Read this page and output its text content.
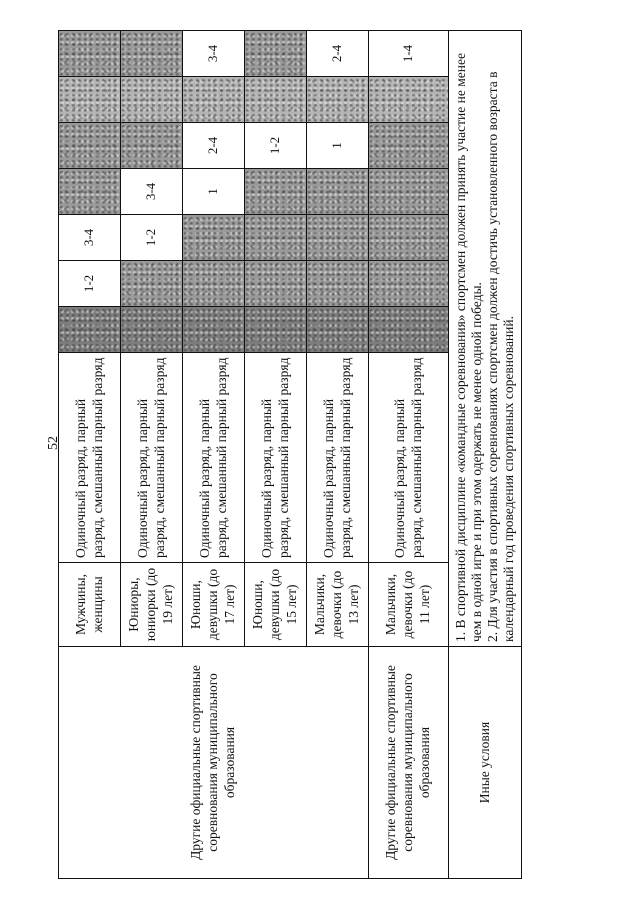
52
Другие официальные спортивные соревнования муниципального образования	Мужчины, женщины	Одиночный разряд, парный разряд, смешанный парный разряд		1-2	3-4				
	Юниоры, юниорки (до 19 лет)	Одиночный разряд, парный разряд, смешанный парный разряд			1-2	3-4			
	Юноши, девушки (до 17 лет)	Одиночный разряд, парный разряд, смешанный парный разряд				1	2-4		3-4
	Юноши, девушки (до 15 лет)	Одиночный разряд, парный разряд, смешанный парный разряд					1-2		
	Мальчики, девочки (до 13 лет)	Одиночный разряд, парный разряд, смешанный парный разряд					1		2-4
Другие официальные спортивные соревнования муниципального образования	Мальчики, девочки (до 11 лет)	Одиночный разряд, парный разряд, смешанный парный разряд							1-4
Иные условия	1. В спортивной дисциплине «командные соревнования» спортсмен должен принять участие не менее чем в одной игре и при этом одержать не менее одной победы. 2. Для участия в спортивных соревнованиях спортсмен должен достичь установленного возраста в календарный год проведения спортивных соревнований.								
